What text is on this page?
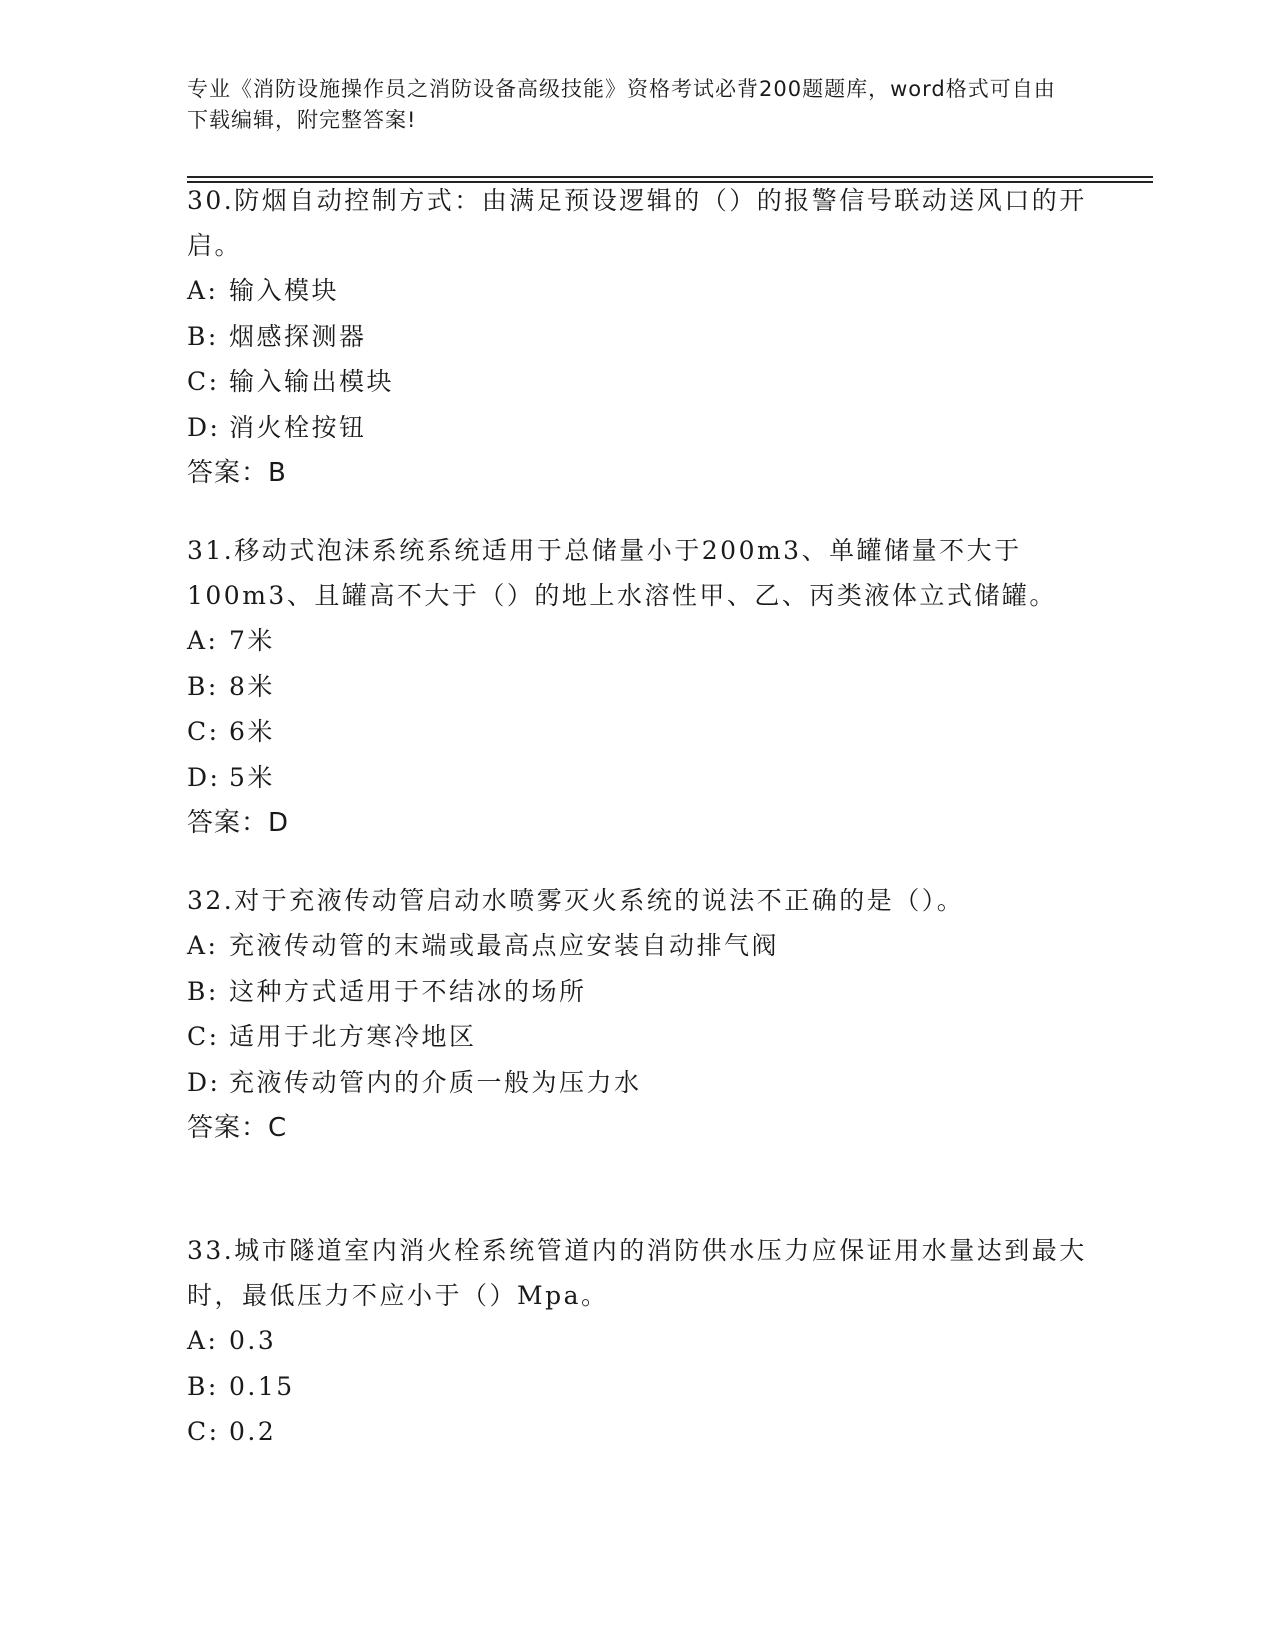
专业《消防设施操作员之消防设备高级技能》资格考试必背200题题库，word格式可自由下载编辑，附完整答案!

30.防烟自动控制方式：由满足预设逻辑的（）的报警信号联动送风口的开启。

A: 输入模块
B: 烟感探测器
C: 输入输出模块
D: 消火栓按钮
答案：B

31.移动式泡沫系统系统适用于总储量小于200m3、单罐储量不大于100m3、且罐高不大于（）的地上水溶性甲、乙、丙类液体立式储罐。

A: 7米
B: 8米
C: 6米
D: 5米
答案：D

32.对于充液传动管启动水喷雾灭火系统的说法不正确的是（）。

A: 充液传动管的末端或最高点应安装自动排气阀
B: 这种方式适用于不结冰的场所
C: 适用于北方寒冷地区
D: 充液传动管内的介质一般为压力水
答案：C

33.城市隧道室内消火栓系统管道内的消防供水压力应保证用水量达到最大时，最低压力不应小于（）Mpa。

A: 0.3
B: 0.15
C: 0.2
